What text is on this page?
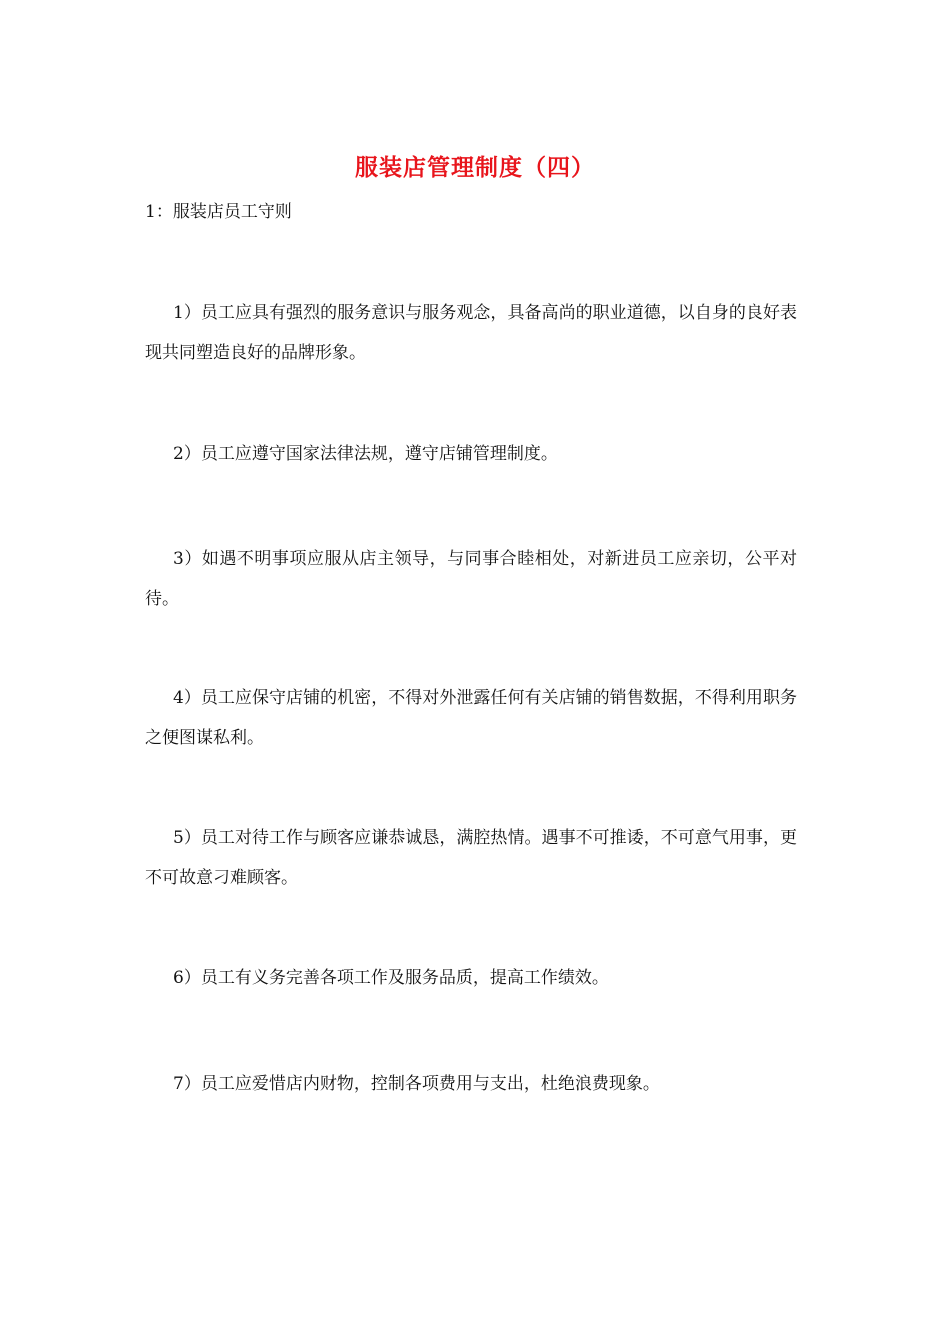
服装店管理制度（四）
1：服装店员工守则

1）员工应具有强烈的服务意识与服务观念，具备高尚的职业道德，以自身的良好表现共同塑造良好的品牌形象。

2）员工应遵守国家法律法规，遵守店铺管理制度。

3）如遇不明事项应服从店主领导，与同事合睦相处，对新进员工应亲切，公平对待。

4）员工应保守店铺的机密，不得对外泄露任何有关店铺的销售数据，不得利用职务之便图谋私利。

5）员工对待工作与顾客应谦恭诚恳，满腔热情。遇事不可推诿，不可意气用事，更不可故意刁难顾客。

6）员工有义务完善各项工作及服务品质，提高工作绩效。

7）员工应爱惜店内财物，控制各项费用与支出，杜绝浪费现象。
